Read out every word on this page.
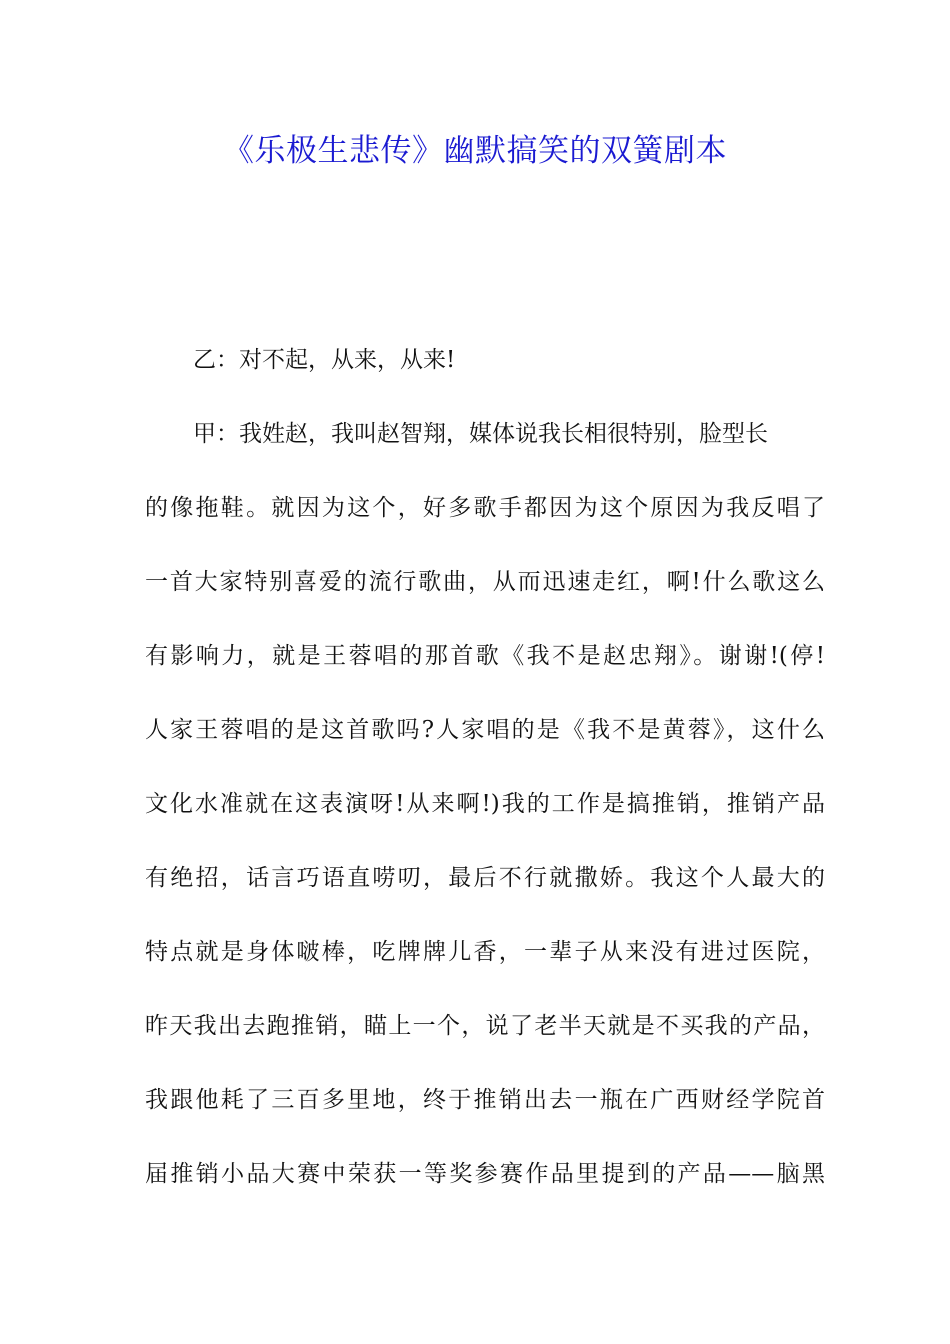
《乐极生悲传》幽默搞笑的双簧剧本
乙：对不起，从来，从来!
甲：我姓赵，我叫赵智翔，媒体说我长相很特别，脸型长
的像拖鞋。就因为这个，好多歌手都因为这个原因为我反唱了
一首大家特别喜爱的流行歌曲，从而迅速走红，啊!什么歌这么
有影响力，就是王蓉唱的那首歌《我不是赵忠翔》。谢谢!(停!
人家王蓉唱的是这首歌吗?人家唱的是《我不是黄蓉》，这什么
文化水准就在这表演呀!从来啊!)我的工作是搞推销，推销产品
有绝招，话言巧语直唠叨，最后不行就撒娇。我这个人最大的
特点就是身体啵棒，吃牌牌儿香，一辈子从来没有进过医院，
昨天我出去跑推销，瞄上一个，说了老半天就是不买我的产品，
我跟他耗了三百多里地，终于推销出去一瓶在广西财经学院首
届推销小品大赛中荣获一等奖参赛作品里提到的产品——脑黑
